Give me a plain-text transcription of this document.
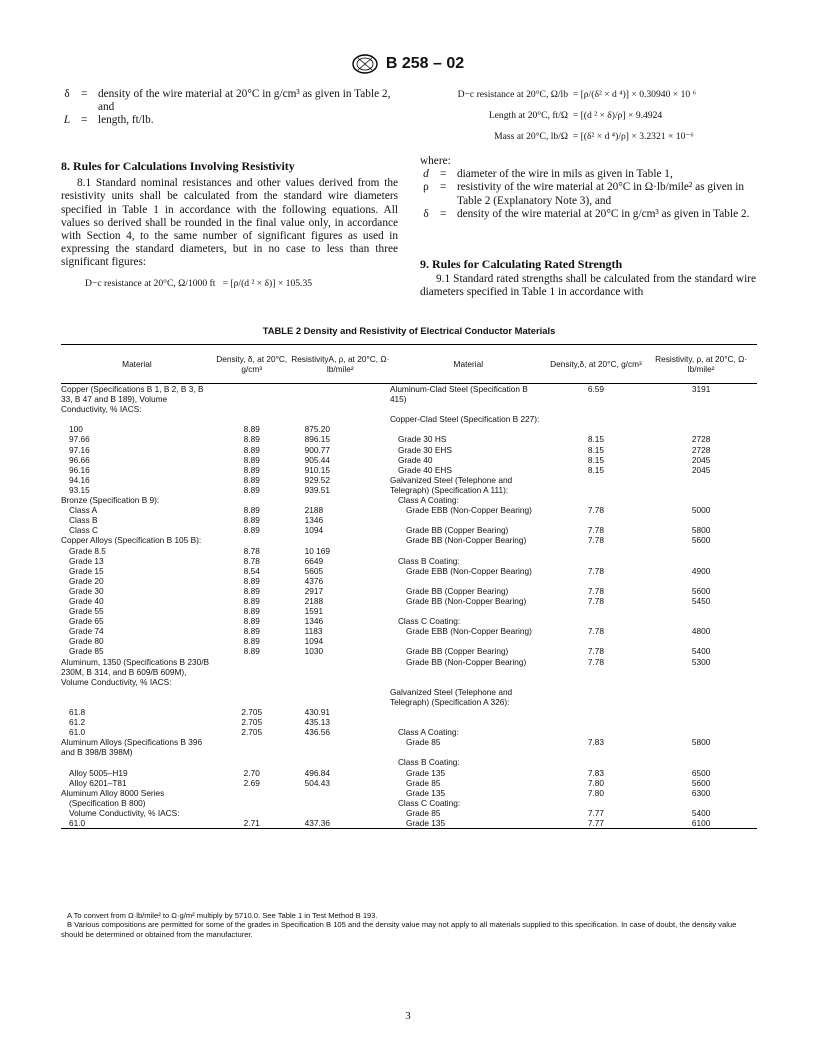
B 258 – 02
δ = density of the wire material at 20°C in g/cm³ as given in Table 2, and
L = length, ft/lb.
8. Rules for Calculations Involving Resistivity
8.1 Standard nominal resistances and other values derived from the resistivity units shall be calculated from the standard wire diameters specified in Table 1 in accordance with the following equations. All values so derived shall be rounded in the final value only, in accordance with Section 4, to the same number of significant figures as used in expressing the standard diameters, but in no case to less than three significant figures:
D−c resistance at 20°C, Ω/1000 ft = [ρ/(d ² × δ)] × 105.35
D−c resistance at 20°C, Ω/lb = [ρ/(δ² × d ⁴)] × 0.30940 × 10 ⁶
Length at 20°C, ft/Ω = [(d ² × δ)/ρ] × 9.4924
Mass at 20°C, lb/Ω = [(δ² × d ⁴)/ρ] × 3.2321 × 10⁻⁶
where:
d = diameter of the wire in mils as given in Table 1,
ρ = resistivity of the wire material at 20°C in Ω·lb/mile² as given in Table 2 (Explanatory Note 3), and
δ = density of the wire material at 20°C in g/cm³ as given in Table 2.
9. Rules for Calculating Rated Strength
9.1 Standard rated strengths shall be calculated from the standard wire diameters specified in Table 1 in accordance with
TABLE 2 Density and Resistivity of Electrical Conductor Materials
Material	Density, δ, at 20°C, g/cm³	ResistivityA, ρ, at 20°C, Ω· lb/mile²	Material	Density,δ, at 20°C, g/cm³	Resistivity, ρ, at 20°C, Ω· lb/mile²
Copper (Specifications B 1, B 2, B 3, B 33, B 47 and B 189), Volume Conductivity, % IACS:			Aluminum-Clad Steel (Specification B 415)	6.59	3191
			Copper-Clad Steel (Specification B 227):		
100	8.89	875.20			
97.66	8.89	896.15	Grade 30 HS	8.15	2728
97.16	8.89	900.77	Grade 30 EHS	8.15	2728
96.66	8.89	905.44	Grade 40	8.15	2045
96.16	8.89	910.15	Grade 40 EHS	8.15	2045
94.16	8.89	929.52	Galvanized Steel (Telephone and		
93.15	8.89	939.51	Telegraph) (Specification A 111):		
Bronze (Specification B 9):			Class A Coating:		
Class A	8.89	2188	Grade EBB (Non-Copper Bearing)	7.78	5000
Class B	8.89	1346			
Class C	8.89	1094	Grade BB (Copper Bearing)	7.78	5800
Copper Alloys (Specification B 105 B):			Grade BB (Non-Copper Bearing)	7.78	5600
Grade 8.5	8.78	10 169			
Grade 13	8.78	6649	Class B Coating:		
Grade 15	8.54	5605	Grade EBB (Non-Copper Bearing)	7.78	4900
Grade 20	8.89	4376			
Grade 30	8.89	2917	Grade BB (Copper Bearing)	7.78	5600
Grade 40	8.89	2188	Grade BB (Non-Copper Bearing)	7.78	5450
Grade 55	8.89	1591			
Grade 65	8.89	1346	Class C Coating:		
Grade 74	8.89	1183	Grade EBB (Non-Copper Bearing)	7.78	4800
Grade 80	8.89	1094			
Grade 85	8.89	1030	Grade BB (Copper Bearing)	7.78	5400
Aluminum, 1350 (Specifications B 230/B 230M, B 314, and B 609/B 609M), Volume Conductivity, % IACS:			Grade BB (Non-Copper Bearing)	7.78	5300
			Galvanized Steel (Telephone and Telegraph) (Specification A 326):		
61.8	2.705	430.91			
61.2	2.705	435.13			
61.0	2.705	436.56	Class A Coating:		
Aluminum Alloys (Specifications B 396 and B 398/B 398M)			Grade 85	7.83	5800
			Class B Coating:		
Alloy 5005–H19	2.70	496.84	Grade 135	7.83	6500
Alloy 6201–T81	2.69	504.43	Grade 85	7.80	5600
Aluminum Alloy 8000 Series			Grade 135	7.80	6300
(Specification B 800)			Class C Coating:		
Volume Conductivity, % IACS:			Grade 85	7.77	5400
61.0	2.71	437.36	Grade 135	7.77	6100
A To convert from Ω·lb/mile² to Ω·g/m² multiply by 5710.0. See Table 1 in Test Method B 193.
B Various compositions are permitted for some of the grades in Specification B 105 and the density value may not apply to all materials supplied to this specification. In case of doubt, the density value should be determined or obtained from the manufacturer.
3
